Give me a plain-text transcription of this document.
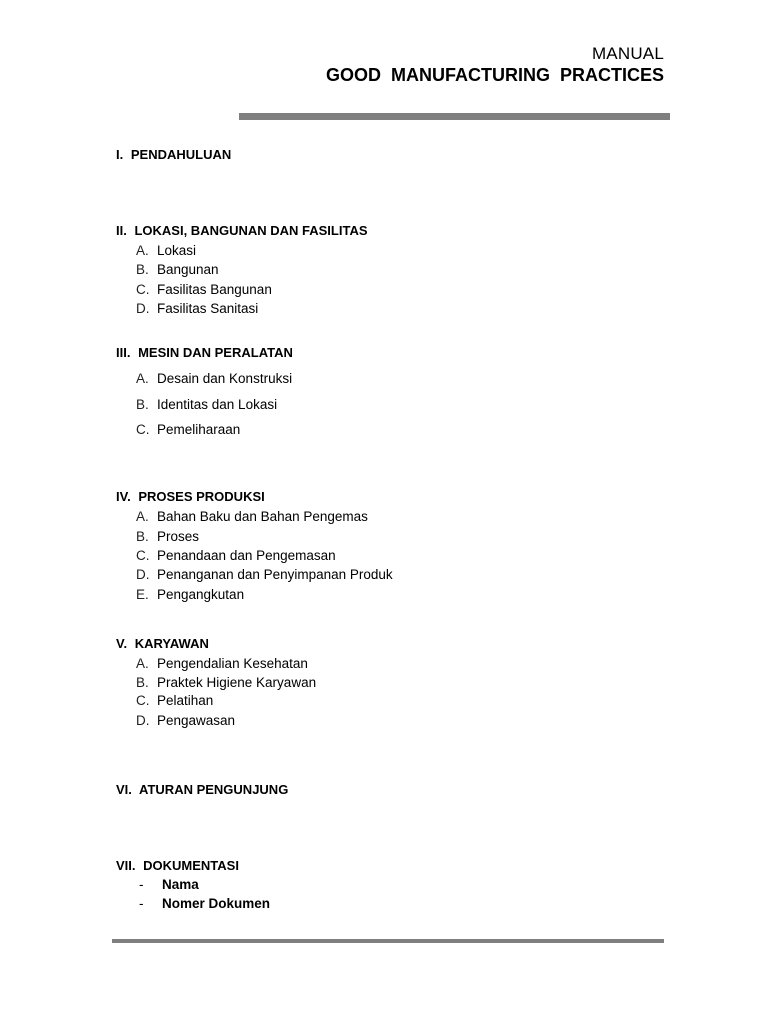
MANUAL
GOOD MANUFACTURING PRACTICES
I. PENDAHULUAN
II. LOKASI, BANGUNAN DAN FASILITAS
A. Lokasi
B. Bangunan
C. Fasilitas Bangunan
D. Fasilitas Sanitasi
III. MESIN DAN PERALATAN
A. Desain dan Konstruksi
B. Identitas dan Lokasi
C. Pemeliharaan
IV. PROSES PRODUKSI
A. Bahan Baku dan Bahan Pengemas
B. Proses
C. Penandaan dan Pengemasan
D. Penanganan dan Penyimpanan Produk
E. Pengangkutan
V. KARYAWAN
A. Pengendalian Kesehatan
B. Praktek Higiene Karyawan
C. Pelatihan
D. Pengawasan
VI. ATURAN PENGUNJUNG
VII. DOKUMENTASI
- Nama
- Nomer Dokumen
